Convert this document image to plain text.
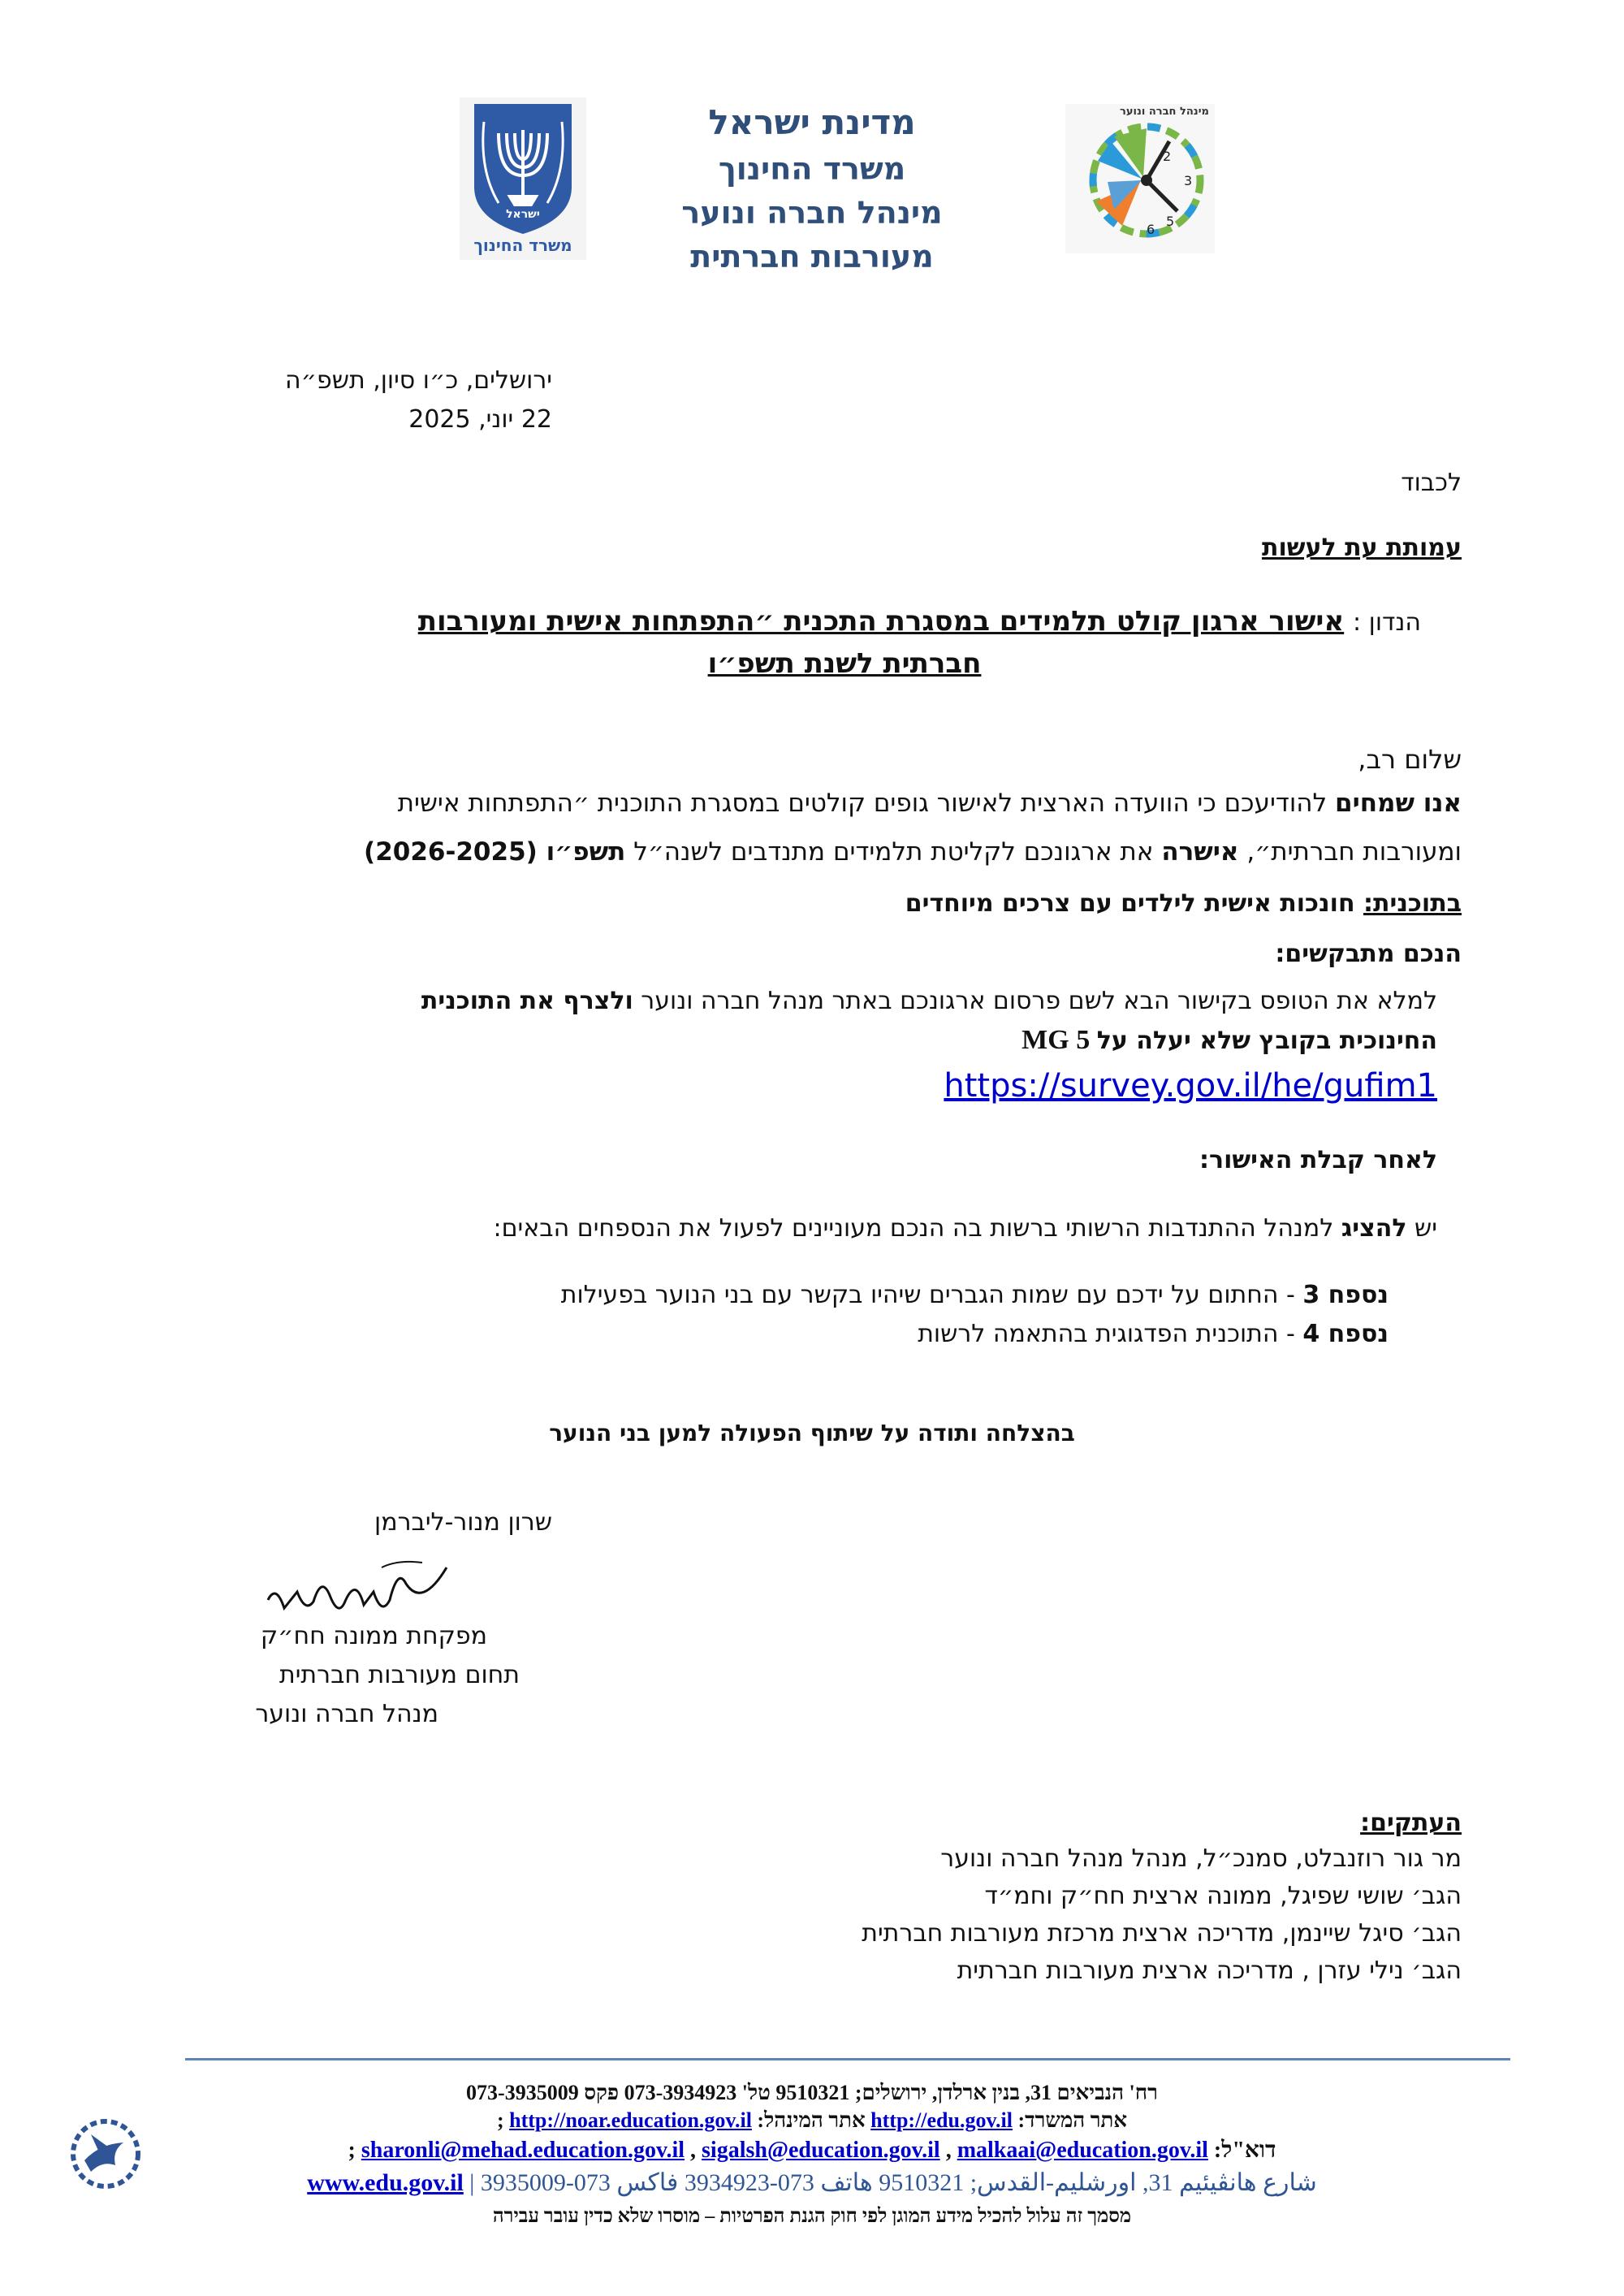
ישראל
משרד החינוך
מדינת ישראל
משרד החינוך
מינהל חברה ונוער
מעורבות חברתית
2
3
5
6
מינהל חברה ונוער
ירושלים, כ״ו סיון, תשפ״ה
22 יוני, 2025
לכבוד
עמותת עת לעשות
הנדון : אישור ארגון קולט תלמידים במסגרת התכנית ״התפתחות אישית ומעורבות
חברתית לשנת תשפ״ו
שלום רב,
אנו שמחים להודיעכם כי הוועדה הארצית לאישור גופים קולטים במסגרת התוכנית ״התפתחות אישית
ומעורבות חברתית״, אישרה את ארגונכם לקליטת תלמידים מתנדבים לשנה״ל תשפ״ו (2026-2025)
בתוכנית: חונכות אישית לילדים עם צרכים מיוחדים
הנכם מתבקשים:
למלא את הטופס בקישור הבא לשם פרסום ארגונכם באתר מנהל חברה ונוער ולצרף את התוכנית
החינוכית בקובץ שלא יעלה על 5 MG
https://survey.gov.il/he/gufim1
לאחר קבלת האישור:
יש להציג למנהל ההתנדבות הרשותי ברשות בה הנכם מעוניינים לפעול את הנספחים הבאים:
נספח 3 - החתום על ידכם עם שמות הגברים שיהיו בקשר עם בני הנוער בפעילות
נספח 4 - התוכנית הפדגוגית בהתאמה לרשות
בהצלחה ותודה על שיתוף הפעולה למען בני הנוער
שרון מנור-ליברמן
מפקחת ממונה חח״ק
תחום מעורבות חברתית
מנהל חברה ונוער
העתקים:
מר גור רוזנבלט, סמנכ״ל, מנהל מנהל חברה ונוער
הגב׳ שושי שפיגל, ממונה ארצית חח״ק וחמ״ד
הגב׳ סיגל שיינמן, מדריכה ארצית מרכזת מעורבות חברתית
הגב׳ נילי עזרן , מדריכה ארצית מעורבות חברתית
רח' הנביאים 31, בנין ארלדן, ירושלים; 9510321 טל' 073-3934923 פקס 073-3935009
אתר המשרד: http://edu.gov.il אתר המינהל: http://noar.education.gov.il ;
דוא"ל: sharonli@mehad.education.gov.il , sigalsh@education.gov.il , malkaai@education.gov.il ;
شارع هانڤيئيم 31, اورشليم-القدس; 9510321 هاتف 073-3934923 فاكس 073-3935009 | www.edu.gov.il
מסמך זה עלול להכיל מידע המוגן לפי חוק הגנת הפרטיות – מוסרו שלא כדין עובר עבירה
